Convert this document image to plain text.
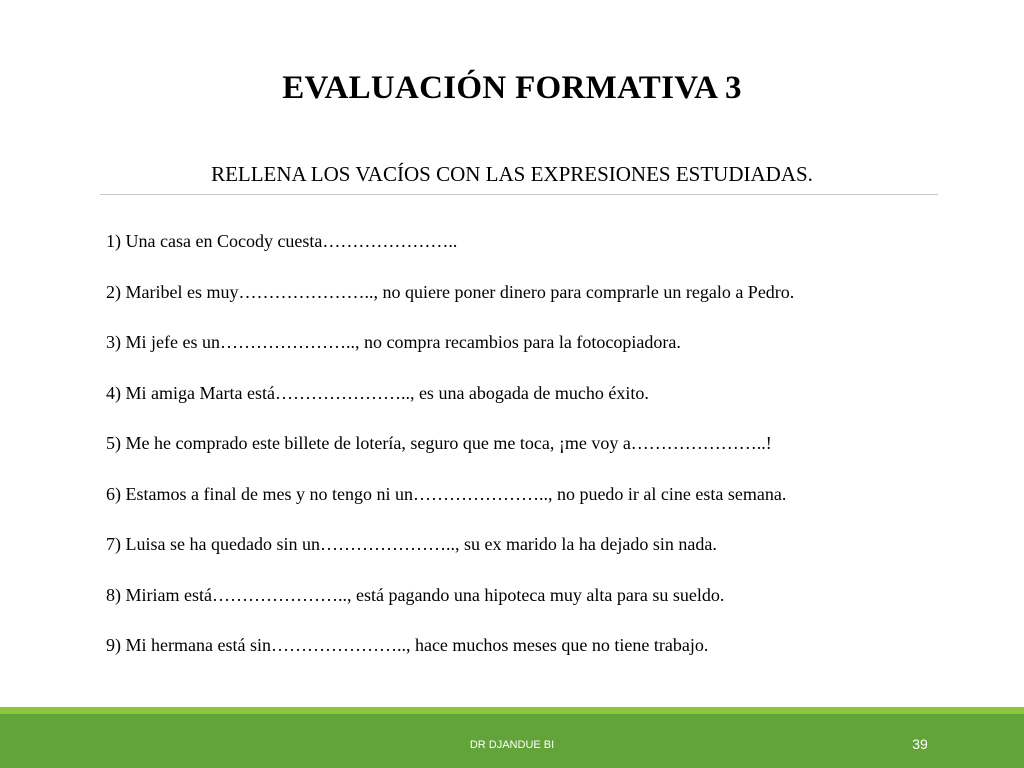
EVALUACIÓN FORMATIVA 3
RELLENA LOS VACÍOS CON LAS EXPRESIONES ESTUDIADAS.
1) Una casa en Cocody cuesta…………………..
2) Maribel es muy………………….., no quiere poner dinero para comprarle un regalo a Pedro.
3) Mi jefe es un………………….., no compra recambios para la fotocopiadora.
4) Mi amiga Marta está………………….., es una abogada de mucho éxito.
5) Me he comprado este billete de lotería, seguro que me toca, ¡me voy a…………………..!
6) Estamos a final de mes y no tengo ni un………………….., no puedo ir al cine esta semana.
7) Luisa se ha quedado sin un………………….., su ex marido la ha dejado sin nada.
8) Miriam está………………….., está pagando una hipoteca muy alta para su sueldo.
9) Mi hermana está sin………………….., hace muchos meses que no tiene trabajo.
DR DJANDUE BI	39
